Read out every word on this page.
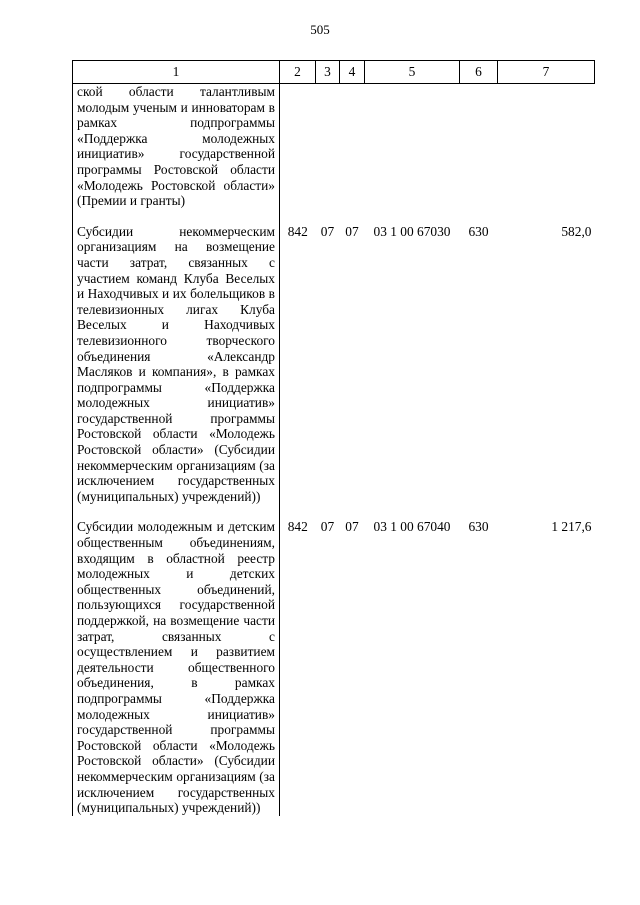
505
1	2	3	4	5	6	7
ской области талантливым молодым ученым и инноваторам в рамках подпрограммы «Поддержка молодежных инициатив» государственной программы Ростовской области «Молодежь Ростовской области» (Премии и гранты)						

Субсидии некоммерческим организациям на возмещение части затрат, связанных с участием команд Клуба Веселых и Находчивых и их болельщиков в телевизионных лигах Клуба Веселых и Находчивых телевизионного творческого объединения «Александр Масляков и компания», в рамках подпрограммы «Поддержка молодежных инициатив» государственной программы Ростовской области «Молодежь Ростовской области» (Субсидии некоммерческим организациям (за исключением государственных (муниципальных) учреждений))	842	07	07	03 1 00 67030	630	582,0

Субсидии молодежным и детским общественным объединениям, входящим в областной реестр молодежных и детских общественных объединений, пользующихся государственной поддержкой, на возмещение части затрат, связанных с осуществлением и развитием деятельности общественного объединения, в рамках подпрограммы «Поддержка молодежных инициатив» государственной программы Ростовской области «Молодежь Ростовской области» (Субсидии некоммерческим организациям (за исключением государственных (муниципальных) учреждений))	842	07	07	03 1 00 67040	630	1 217,6
